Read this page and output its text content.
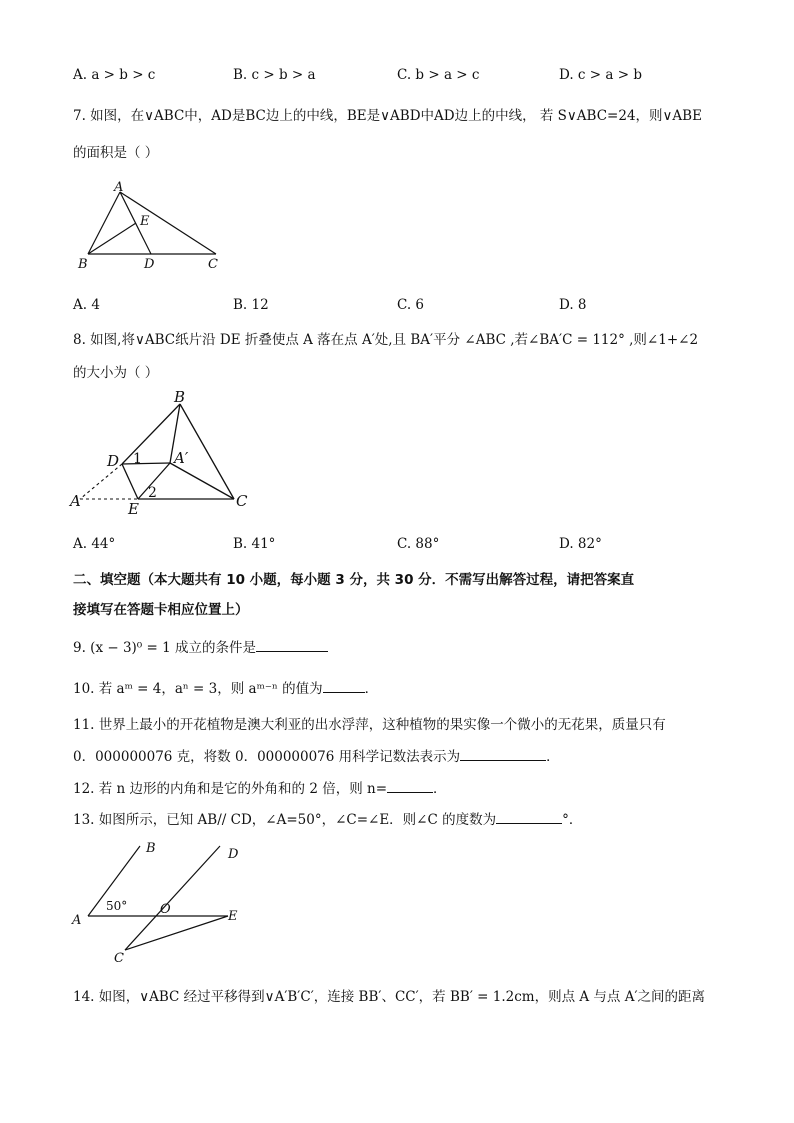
A. a > b > c	B. c > b > a	C. b > a > c	D. c > a > b
7. 如图，在∨ABC中，AD是BC边上的中线，BE是∨ABD中AD边上的中线， 若 S∨ABC=24，则∨ABE
的面积是（ ）
A
E
B	D	C
A. 4	B. 12	C. 6	D. 8
8. 如图,将∨ABC纸片沿 DE 折叠使点 A 落在点 A′处,且 BA′平分 ∠ABC ,若∠BA′C = 112° ,则∠1+∠2
的大小为（ ）
B
D 1 A′
A	2
E	C
A. 44°	B. 41°	C. 88°	D. 82°
二、填空题（本大题共有 10 小题，每小题 3 分，共 30 分．不需写出解答过程，请把答案直
接填写在答题卡相应位置上）
9. (x − 3)⁰ = 1 成立的条件是
10. 若 aᵐ = 4，aⁿ = 3，则 aᵐ⁻ⁿ 的值为	．
11. 世界上最小的开花植物是澳大利亚的出水浮萍，这种植物的果实像一个微小的无花果，质量只有
0．000000076 克，将数 0．000000076 用科学记数法表示为	．
12. 若 n 边形的内角和是它的外角和的 2 倍，则 n=	．
13. 如图所示，已知 AB// CD，∠A=50°，∠C=∠E．则∠C 的度数为	°．
B	D
50°	O
A	E
C
14. 如图，∨ABC 经过平移得到∨A′B′C′，连接 BB′、CC′，若 BB′ = 1.2cm，则点 A 与点 A′之间的距离
